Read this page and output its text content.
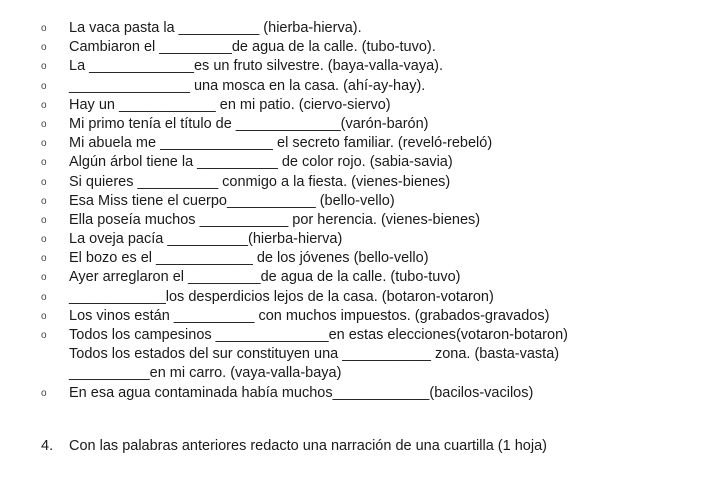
o	La vaca pasta la __________ (hierba-hierva).
o	Cambiaron el _________de agua de la calle. (tubo-tuvo).
o	La _____________es un fruto silvestre. (baya-valla-vaya).
o	_______________ una mosca en la casa. (ahí-ay-hay).
o	Hay un ____________ en mi patio. (ciervo-siervo)
o	Mi primo tenía el título de _____________(varón-barón)
o	Mi abuela me ______________ el secreto familiar. (reveló-rebeló)
o	Algún árbol tiene la __________ de color rojo. (sabia-savia)
o	Si quieres __________ conmigo a la fiesta. (vienes-bienes)
o	Esa Miss tiene el cuerpo___________ (bello-vello)
o	Ella poseía muchos ___________ por herencia. (vienes-bienes)
o	La oveja pacía __________(hierba-hierva)
o	El bozo es el ____________ de los jóvenes (bello-vello)
o	Ayer arreglaron el _________de agua de la calle. (tubo-tuvo)
o	____________los desperdicios lejos de la casa. (botaron-votaron)
o	Los vinos están __________ con muchos impuestos. (grabados-gravados)
o	Todos los campesinos ______________en estas elecciones(votaron-botaron)
Todos los estados del sur constituyen una ___________ zona. (basta-vasta)
__________en mi carro. (vaya-valla-baya)
o	En esa agua contaminada había muchos____________(bacilos-vacilos)
4. Con las palabras anteriores redacto una narración de una cuartilla (1 hoja)
